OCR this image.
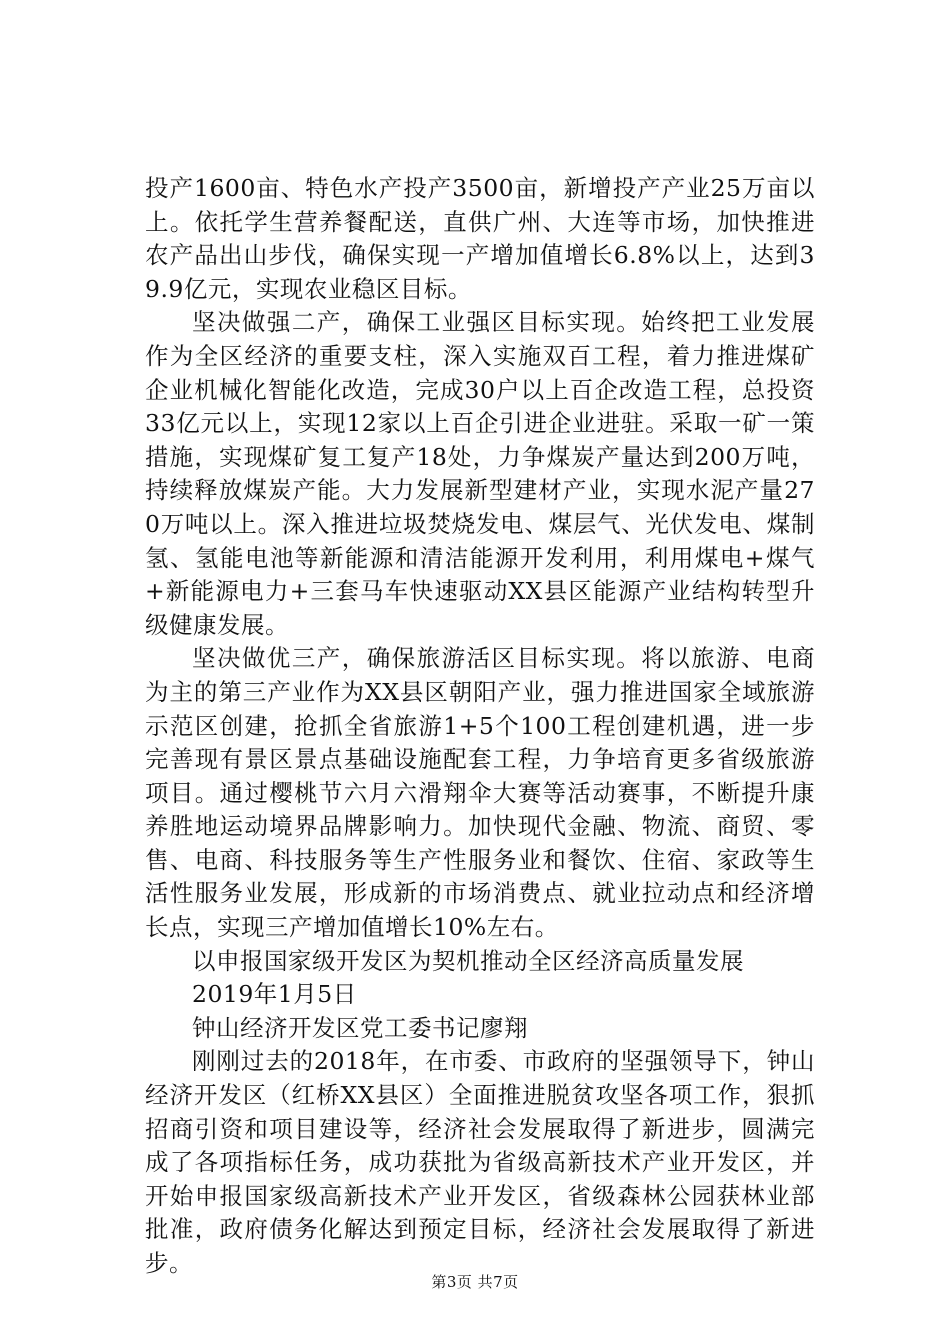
投产1600亩、特色水产投产3500亩，新增投产产业25万亩以上。依托学生营养餐配送，直供广州、大连等市场，加快推进农产品出山步伐，确保实现一产增加值增长6.8%以上，达到39.9亿元，实现农业稳区目标。

坚决做强二产，确保工业强区目标实现。始终把工业发展作为全区经济的重要支柱，深入实施双百工程，着力推进煤矿企业机械化智能化改造，完成30户以上百企改造工程，总投资33亿元以上，实现12家以上百企引进企业进驻。采取一矿一策措施，实现煤矿复工复产18处，力争煤炭产量达到200万吨，持续释放煤炭产能。大力发展新型建材产业，实现水泥产量270万吨以上。深入推进垃圾焚烧发电、煤层气、光伏发电、煤制氢、氢能电池等新能源和清洁能源开发利用，利用煤电+煤气+新能源电力+三套马车快速驱动XX县区能源产业结构转型升级健康发展。

坚决做优三产，确保旅游活区目标实现。将以旅游、电商为主的第三产业作为XX县区朝阳产业，强力推进国家全域旅游示范区创建，抢抓全省旅游1+5个100工程创建机遇，进一步完善现有景区景点基础设施配套工程，力争培育更多省级旅游项目。通过樱桃节六月六滑翔伞大赛等活动赛事，不断提升康养胜地运动境界品牌影响力。加快现代金融、物流、商贸、零售、电商、科技服务等生产性服务业和餐饮、住宿、家政等生活性服务业发展，形成新的市场消费点、就业拉动点和经济增长点，实现三产增加值增长10%左右。

以申报国家级开发区为契机推动全区经济高质量发展

2019年1月5日

钟山经济开发区党工委书记廖翔

刚刚过去的2018年，在市委、市政府的坚强领导下，钟山经济开发区（红桥XX县区）全面推进脱贫攻坚各项工作，狠抓招商引资和项目建设等，经济社会发展取得了新进步，圆满完成了各项指标任务，成功获批为省级高新技术产业开发区，并开始申报国家级高新技术产业开发区，省级森林公园获林业部批准，政府债务化解达到预定目标，经济社会发展取得了新进步。

第3页 共7页
